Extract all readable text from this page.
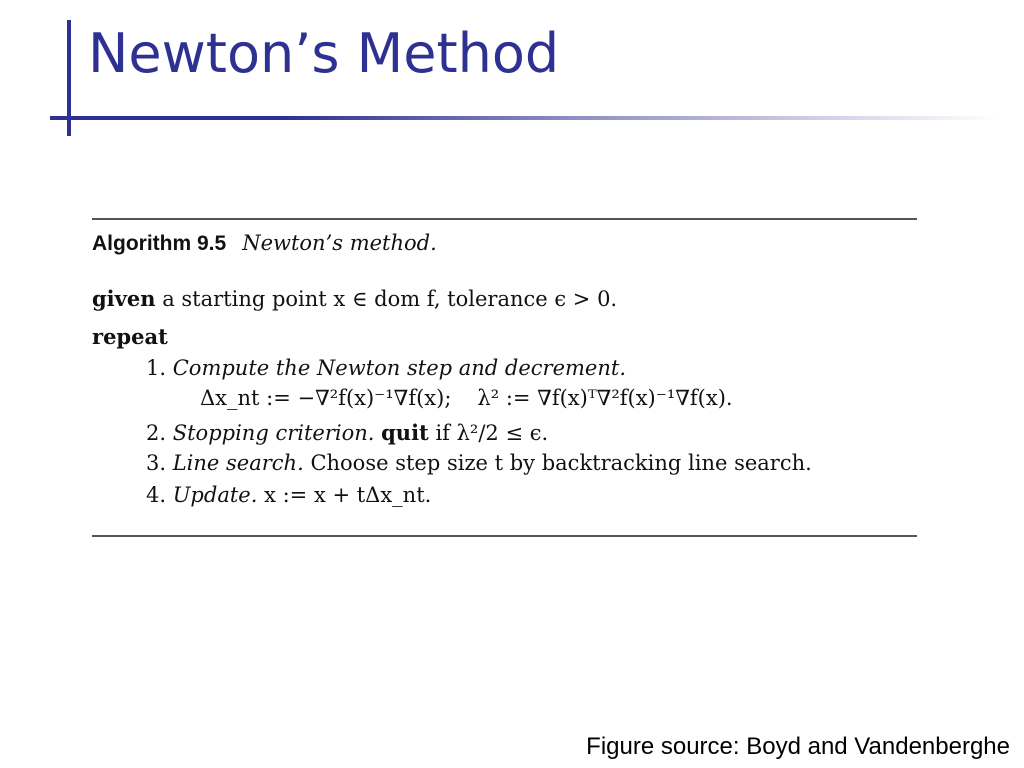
Newton’s Method
Algorithm 9.5 Newton’s method.
given a starting point x ∈ dom f, tolerance ϵ > 0.
repeat
1. Compute the Newton step and decrement.
Δx_nt := −∇²f(x)⁻¹∇f(x); λ² := ∇f(x)ᵀ∇²f(x)⁻¹∇f(x).
2. Stopping criterion. quit if λ²/2 ≤ ϵ.
3. Line search. Choose step size t by backtracking line search.
4. Update. x := x + tΔx_nt.
Figure source: Boyd and Vandenberghe
